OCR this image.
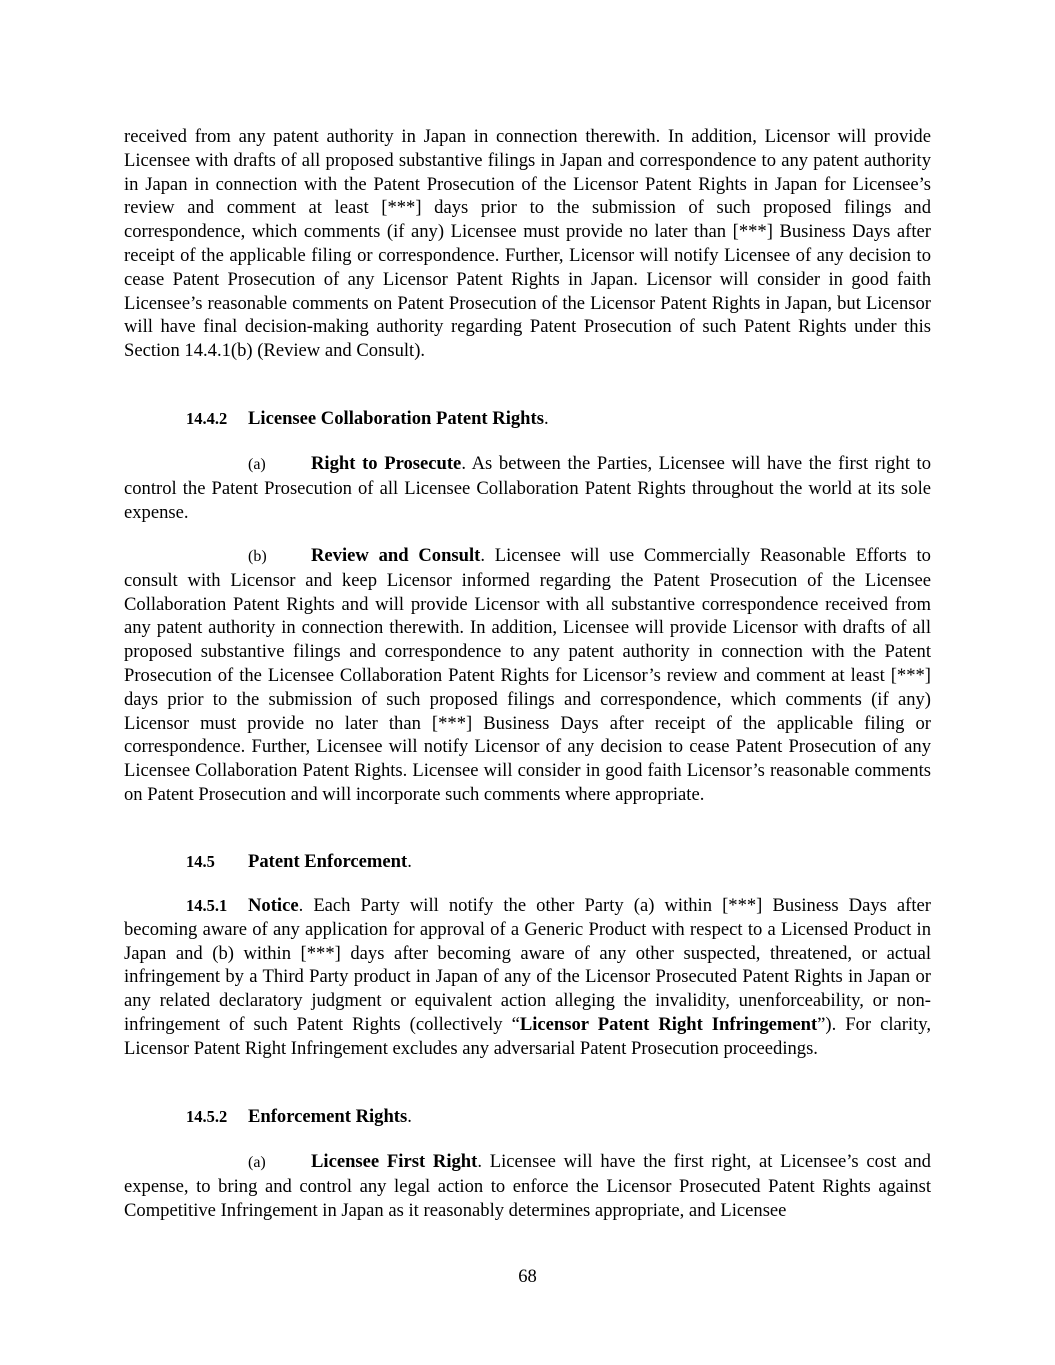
received from any patent authority in Japan in connection therewith. In addition, Licensor will provide Licensee with drafts of all proposed substantive filings in Japan and correspondence to any patent authority in Japan in connection with the Patent Prosecution of the Licensor Patent Rights in Japan for Licensee’s review and comment at least [***] days prior to the submission of such proposed filings and correspondence, which comments (if any) Licensee must provide no later than [***] Business Days after receipt of the applicable filing or correspondence. Further, Licensor will notify Licensee of any decision to cease Patent Prosecution of any Licensor Patent Rights in Japan. Licensor will consider in good faith Licensee’s reasonable comments on Patent Prosecution of the Licensor Patent Rights in Japan, but Licensor will have final decision-making authority regarding Patent Prosecution of such Patent Rights under this Section 14.4.1(b) (Review and Consult).

14.4.2 Licensee Collaboration Patent Rights.

(a) Right to Prosecute. As between the Parties, Licensee will have the first right to control the Patent Prosecution of all Licensee Collaboration Patent Rights throughout the world at its sole expense.

(b) Review and Consult. Licensee will use Commercially Reasonable Efforts to consult with Licensor and keep Licensor informed regarding the Patent Prosecution of the Licensee Collaboration Patent Rights and will provide Licensor with all substantive correspondence received from any patent authority in connection therewith. In addition, Licensee will provide Licensor with drafts of all proposed substantive filings and correspondence to any patent authority in connection with the Patent Prosecution of the Licensee Collaboration Patent Rights for Licensor’s review and comment at least [***] days prior to the submission of such proposed filings and correspondence, which comments (if any) Licensor must provide no later than [***] Business Days after receipt of the applicable filing or correspondence. Further, Licensee will notify Licensor of any decision to cease Patent Prosecution of any Licensee Collaboration Patent Rights. Licensee will consider in good faith Licensor’s reasonable comments on Patent Prosecution and will incorporate such comments where appropriate.

14.5 Patent Enforcement.

14.5.1 Notice. Each Party will notify the other Party (a) within [***] Business Days after becoming aware of any application for approval of a Generic Product with respect to a Licensed Product in Japan and (b) within [***] days after becoming aware of any other suspected, threatened, or actual infringement by a Third Party product in Japan of any of the Licensor Prosecuted Patent Rights in Japan or any related declaratory judgment or equivalent action alleging the invalidity, unenforceability, or non-infringement of such Patent Rights (collectively “Licensor Patent Right Infringement”). For clarity, Licensor Patent Right Infringement excludes any adversarial Patent Prosecution proceedings.

14.5.2 Enforcement Rights.

(a) Licensee First Right. Licensee will have the first right, at Licensee’s cost and expense, to bring and control any legal action to enforce the Licensor Prosecuted Patent Rights against Competitive Infringement in Japan as it reasonably determines appropriate, and Licensee

68
